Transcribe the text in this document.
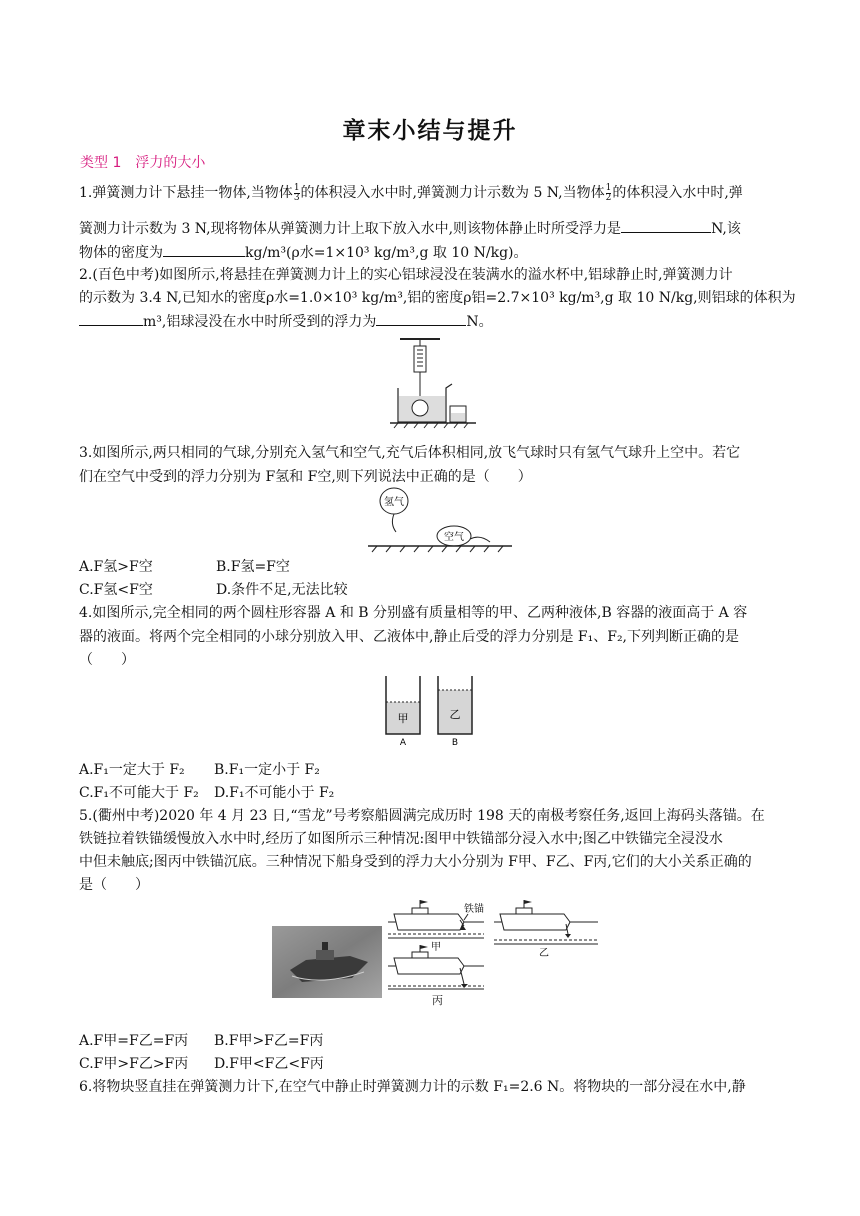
章末小结与提升
类型 1　浮力的大小
1.弹簧测力计下悬挂一物体,当物体 $\frac{1}{3}$ 的体积浸入水中时,弹簧测力计示数为 5 N,当物体 $\frac{1}{2}$ 的体积浸入水中时,弹
簧测力计示数为 3 N,现将物体从弹簧测力计上取下放入水中,则该物体静止时所受浮力是	N,该
物体的密度为	kg/m³(ρ水=1×10³ kg/m³,g 取 10 N/kg)。
2.(百色中考)如图所示,将悬挂在弹簧测力计上的实心铝球浸没在装满水的溢水杯中,铝球静止时,弹簧测力计
的示数为 3.4 N,已知水的密度ρ水=1.0×10³ kg/m³,铝的密度ρ铝=2.7×10³ kg/m³,g 取 10 N/kg,则铝球的体积为
m³,铝球浸没在水中时所受到的浮力为	N。
3.如图所示,两只相同的气球,分别充入氢气和空气,充气后体积相同,放飞气球时只有氢气气球升上空中。若它
们在空气中受到的浮力分别为 F氢和 F空,则下列说法中正确的是（　　）
氢气
空气
A.F氢>F空	B.F氢=F空
C.F氢<F空	D.条件不足,无法比较
4.如图所示,完全相同的两个圆柱形容器 A 和 B 分别盛有质量相等的甲、乙两种液体,B 容器的液面高于 A 容
器的液面。将两个完全相同的小球分别放入甲、乙液体中,静止后受的浮力分别是 F₁、F₂,下列判断正确的是
（　　）
甲	乙
A	B
A.F₁一定大于 F₂ B.F₁一定小于 F₂
C.F₁不可能大于 F₂ D.F₁不可能小于 F₂
5.(衢州中考)2020 年 4 月 23 日,“雪龙”号考察船圆满完成历时 198 天的南极考察任务,返回上海码头落锚。在
铁链拉着铁锚缓慢放入水中时,经历了如图所示三种情况:图甲中铁锚部分浸入水中;图乙中铁锚完全浸没水
中但未触底;图丙中铁锚沉底。三种情况下船身受到的浮力大小分别为 F甲、F乙、F丙,它们的大小关系正确的
是（　　）
铁锚
甲
乙
丙
A.F甲=F乙=F丙 B.F甲>F乙=F丙
C.F甲>F乙>F丙 D.F甲<F乙<F丙
6.将物块竖直挂在弹簧测力计下,在空气中静止时弹簧测力计的示数 F₁=2.6 N。将物块的一部分浸在水中,静
